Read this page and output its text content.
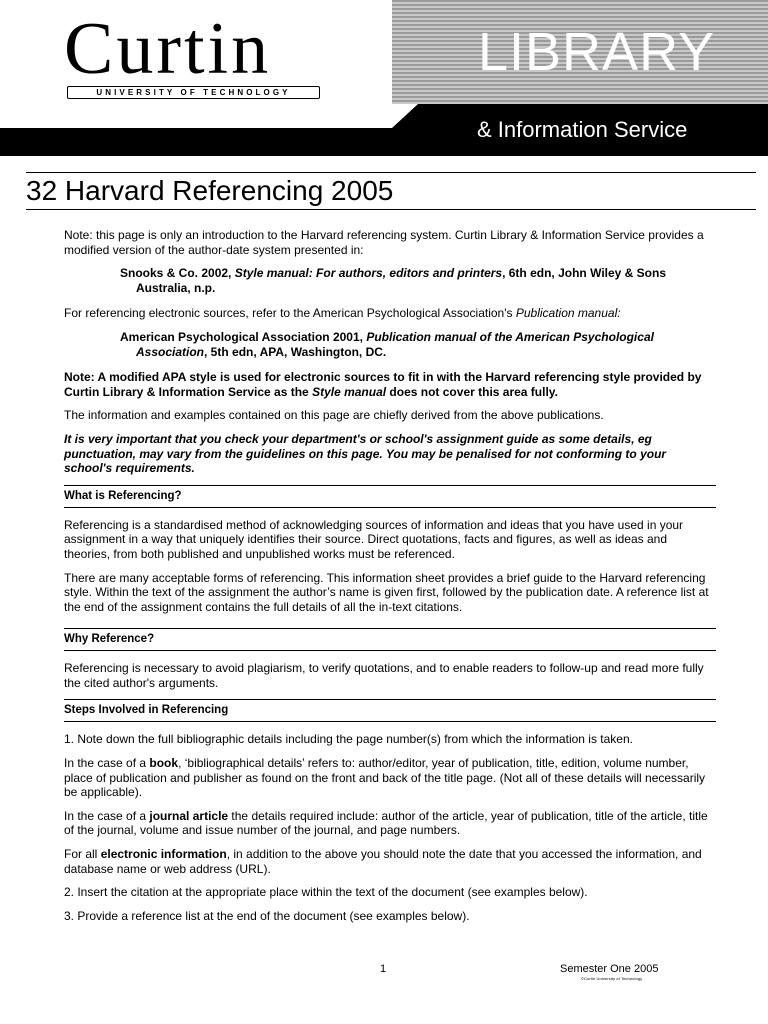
Curtin
UNIVERSITY OF TECHNOLOGY
LIBRARY
& Information Service
32 Harvard Referencing 2005

Note: this page is only an introduction to the Harvard referencing system. Curtin Library & Information Service provides a modified version of the author-date system presented in:

Snooks & Co. 2002, Style manual: For authors, editors and printers, 6th edn, John Wiley & Sons
Australia, n.p.

For referencing electronic sources, refer to the American Psychological Association's Publication manual:

American Psychological Association 2001, Publication manual of the American Psychological
Association, 5th edn, APA, Washington, DC.

Note: A modified APA style is used for electronic sources to fit in with the Harvard referencing style provided by Curtin Library & Information Service as the Style manual does not cover this area fully.

The information and examples contained on this page are chiefly derived from the above publications.

It is very important that you check your department's or school's assignment guide as some details, eg punctuation, may vary from the guidelines on this page. You may be penalised for not conforming to your school's requirements.

What is Referencing?

Referencing is a standardised method of acknowledging sources of information and ideas that you have used in your assignment in a way that uniquely identifies their source. Direct quotations, facts and figures, as well as ideas and theories, from both published and unpublished works must be referenced.

There are many acceptable forms of referencing. This information sheet provides a brief guide to the Harvard referencing style. Within the text of the assignment the author’s name is given first, followed by the publication date. A reference list at the end of the assignment contains the full details of all the in-text citations.

Why Reference?

Referencing is necessary to avoid plagiarism, to verify quotations, and to enable readers to follow-up and read more fully the cited author's arguments.

Steps Involved in Referencing

1. Note down the full bibliographic details including the page number(s) from which the information is taken.

In the case of a book, ‘bibliographical details’ refers to: author/editor, year of publication, title, edition, volume number, place of publication and publisher as found on the front and back of the title page. (Not all of these details will necessarily be applicable).

In the case of a journal article the details required include: author of the article, year of publication, title of the article, title of the journal, volume and issue number of the journal, and page numbers.

For all electronic information, in addition to the above you should note the date that you accessed the information, and database name or web address (URL).

2. Insert the citation at the appropriate place within the text of the document (see examples below).

3. Provide a reference list at the end of the document (see examples below).

1	Semester One 2005
©Curtin University of Technology
